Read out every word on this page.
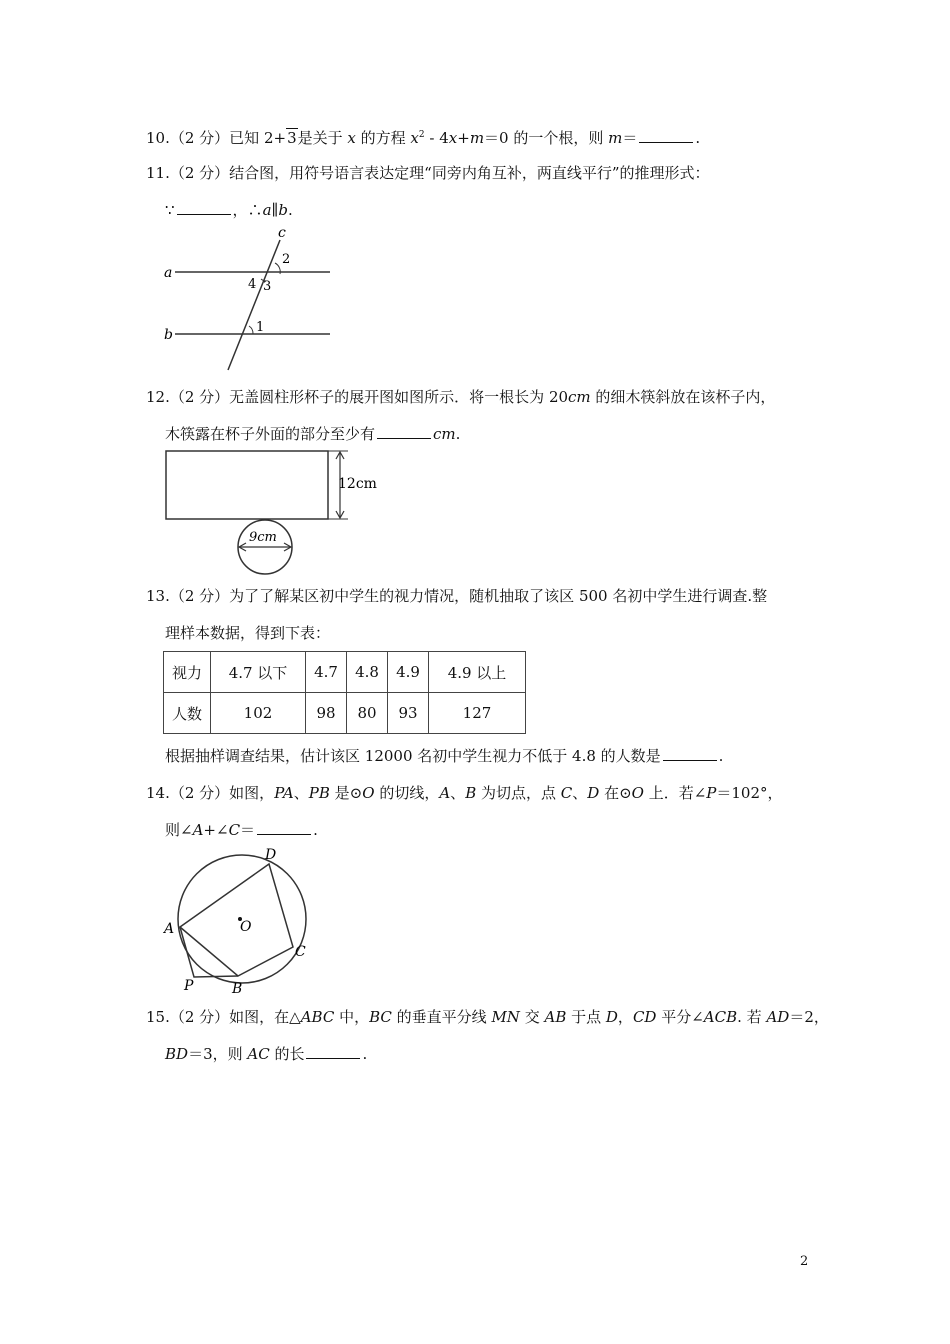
10.（2 分）已知 2+3是关于 x 的方程 $x^2 - 4x+m=0$ 的一个根，则 m＝	.
11.（2 分）结合图，用符号语言表达定理“同旁内角互补，两直线平行”的推理形式：
∵	，∴a∥b.
c
a
b	1
2
3
4
12.（2 分）无盖圆柱形杯子的展开图如图所示．将一根长为 20cm 的细木筷斜放在该杯子内，
木筷露在杯子外面的部分至少有	cm.
12cm
9cm
13.（2 分）为了了解某区初中学生的视力情况，随机抽取了该区 500 名初中学生进行调查.整
理样本数据，得到下表：
视力	4.7 以下	4.7	4.8	4.9	4.9 以上
人数	102	98	80	93	127
根据抽样调查结果，估计该区 12000 名初中学生视力不低于 4.8 的人数是	.
14.（2 分）如图，PA、PB 是⊙O 的切线，A、B 为切点，点 C、D 在⊙O 上．若∠P＝102°，
则∠A+∠C＝	.
A
B
C
D
O
P
15.（2 分）如图，在△ABC 中，BC 的垂直平分线 MN 交 AB 于点 D，CD 平分∠ACB. 若 AD＝2，
BD＝3，则 AC 的长	.
2
